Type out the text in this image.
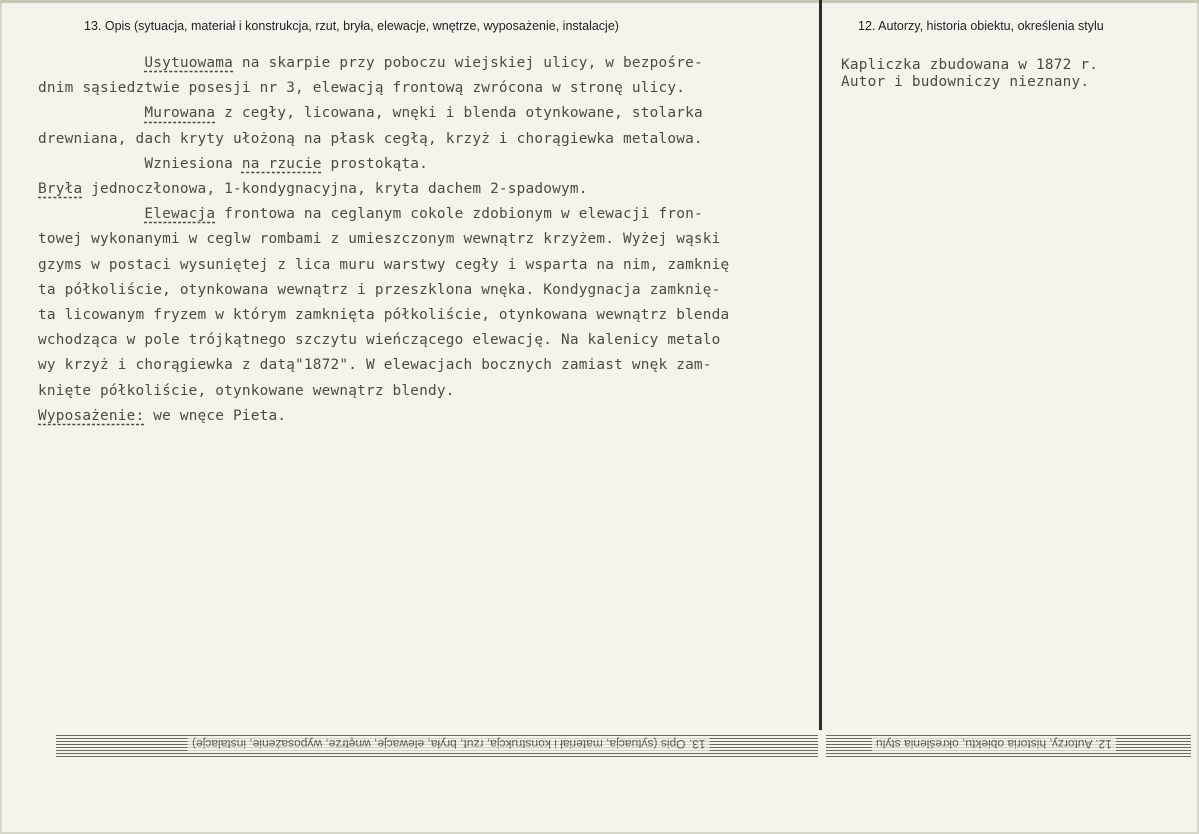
13. Opis (sytuacja, materiał i konstrukcja, rzut, bryła, elewacje, wnętrze, wyposażenie, instalacje)	12. Autorzy, historia obiektu, określenia stylu
Usytuowama na skarpie przy poboczu wiejskiej ulicy, w bezpośre-
dnim sąsiedztwie posesji nr 3, elewacją frontową zwrócona w stronę ulicy.
Murowana z cegły, licowana, wnęki i blenda otynkowane, stolarka
drewniana, dach kryty ułożoną na płask cegłą, krzyż i chorągiewka metalowa.
Wzniesiona na rzucie prostokąta.
Bryła jednoczłonowa, 1-kondygnacyjna, kryta dachem 2-spadowym.
Elewacja frontowa na ceglanym cokole zdobionym w elewacji fron-
towej wykonanymi w ceglw rombami z umieszczonym wewnątrz krzyżem. Wyżej wąski
gzyms w postaci wysuniętej z lica muru warstwy cegły i wsparta na nim, zamknię
ta półkoliście, otynkowana wewnątrz i przeszklona wnęka. Kondygnacja zamknię-
ta licowanym fryzem w którym zamknięta półkoliście, otynkowana wewnątrz blenda
wchodząca w pole trójkątnego szczytu wieńczącego elewację. Na kalenicy metalo
wy krzyż i chorągiewka z datą"1872". W elewacjach bocznych zamiast wnęk zam-
knięte półkoliście, otynkowane wewnątrz blendy.
Wyposażenie: we wnęce Pieta.
Kapliczka zbudowana w 1872 r.
Autor i budowniczy nieznany.
13. Opis (sytuacja, materiał i konstrukcja, rzut, bryła, elewacje, wnętrze, wyposażenie, instalacje)	12. Autorzy, historia obiektu, określenia stylu
